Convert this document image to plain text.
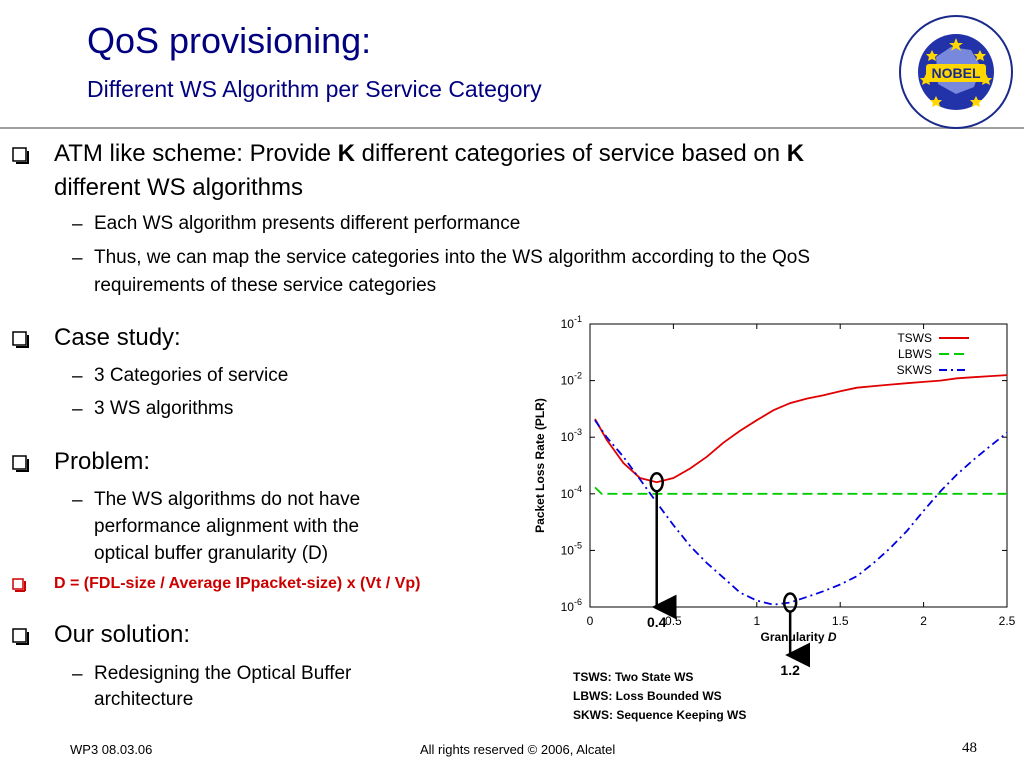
QoS provisioning:
Different WS Algorithm per Service Category
NOBEL
ATM like scheme: Provide K different categories of service based on K
different WS algorithms
– Each WS algorithm presents different performance
– Thus, we can map the service categories into the WS algorithm according to the QoS
requirements of these service categories
Case study:
– 3 Categories of service
– 3 WS algorithms
Problem:
– The WS algorithms do not have
performance alignment with the
optical buffer granularity (D)
D = (FDL-size / Average IPpacket-size) x (Vt / Vp)
Our solution:
– Redesigning the Optical Buffer
architecture
$10^{-1}$
$10^{-2}$
$10^{-3}$
$10^{-4}$
$10^{-5}$
$10^{-6}$
0	0.5	1	1.5	2	2.5
TSWS
LBWS
SKWS
0.4
1.2
Packet Loss Rate (PLR)
Granularity D
TSWS: Two State WS
LBWS: Loss Bounded WS
SKWS: Sequence Keeping WS
WP3 08.03.06	All rights reserved © 2006, Alcatel	48
